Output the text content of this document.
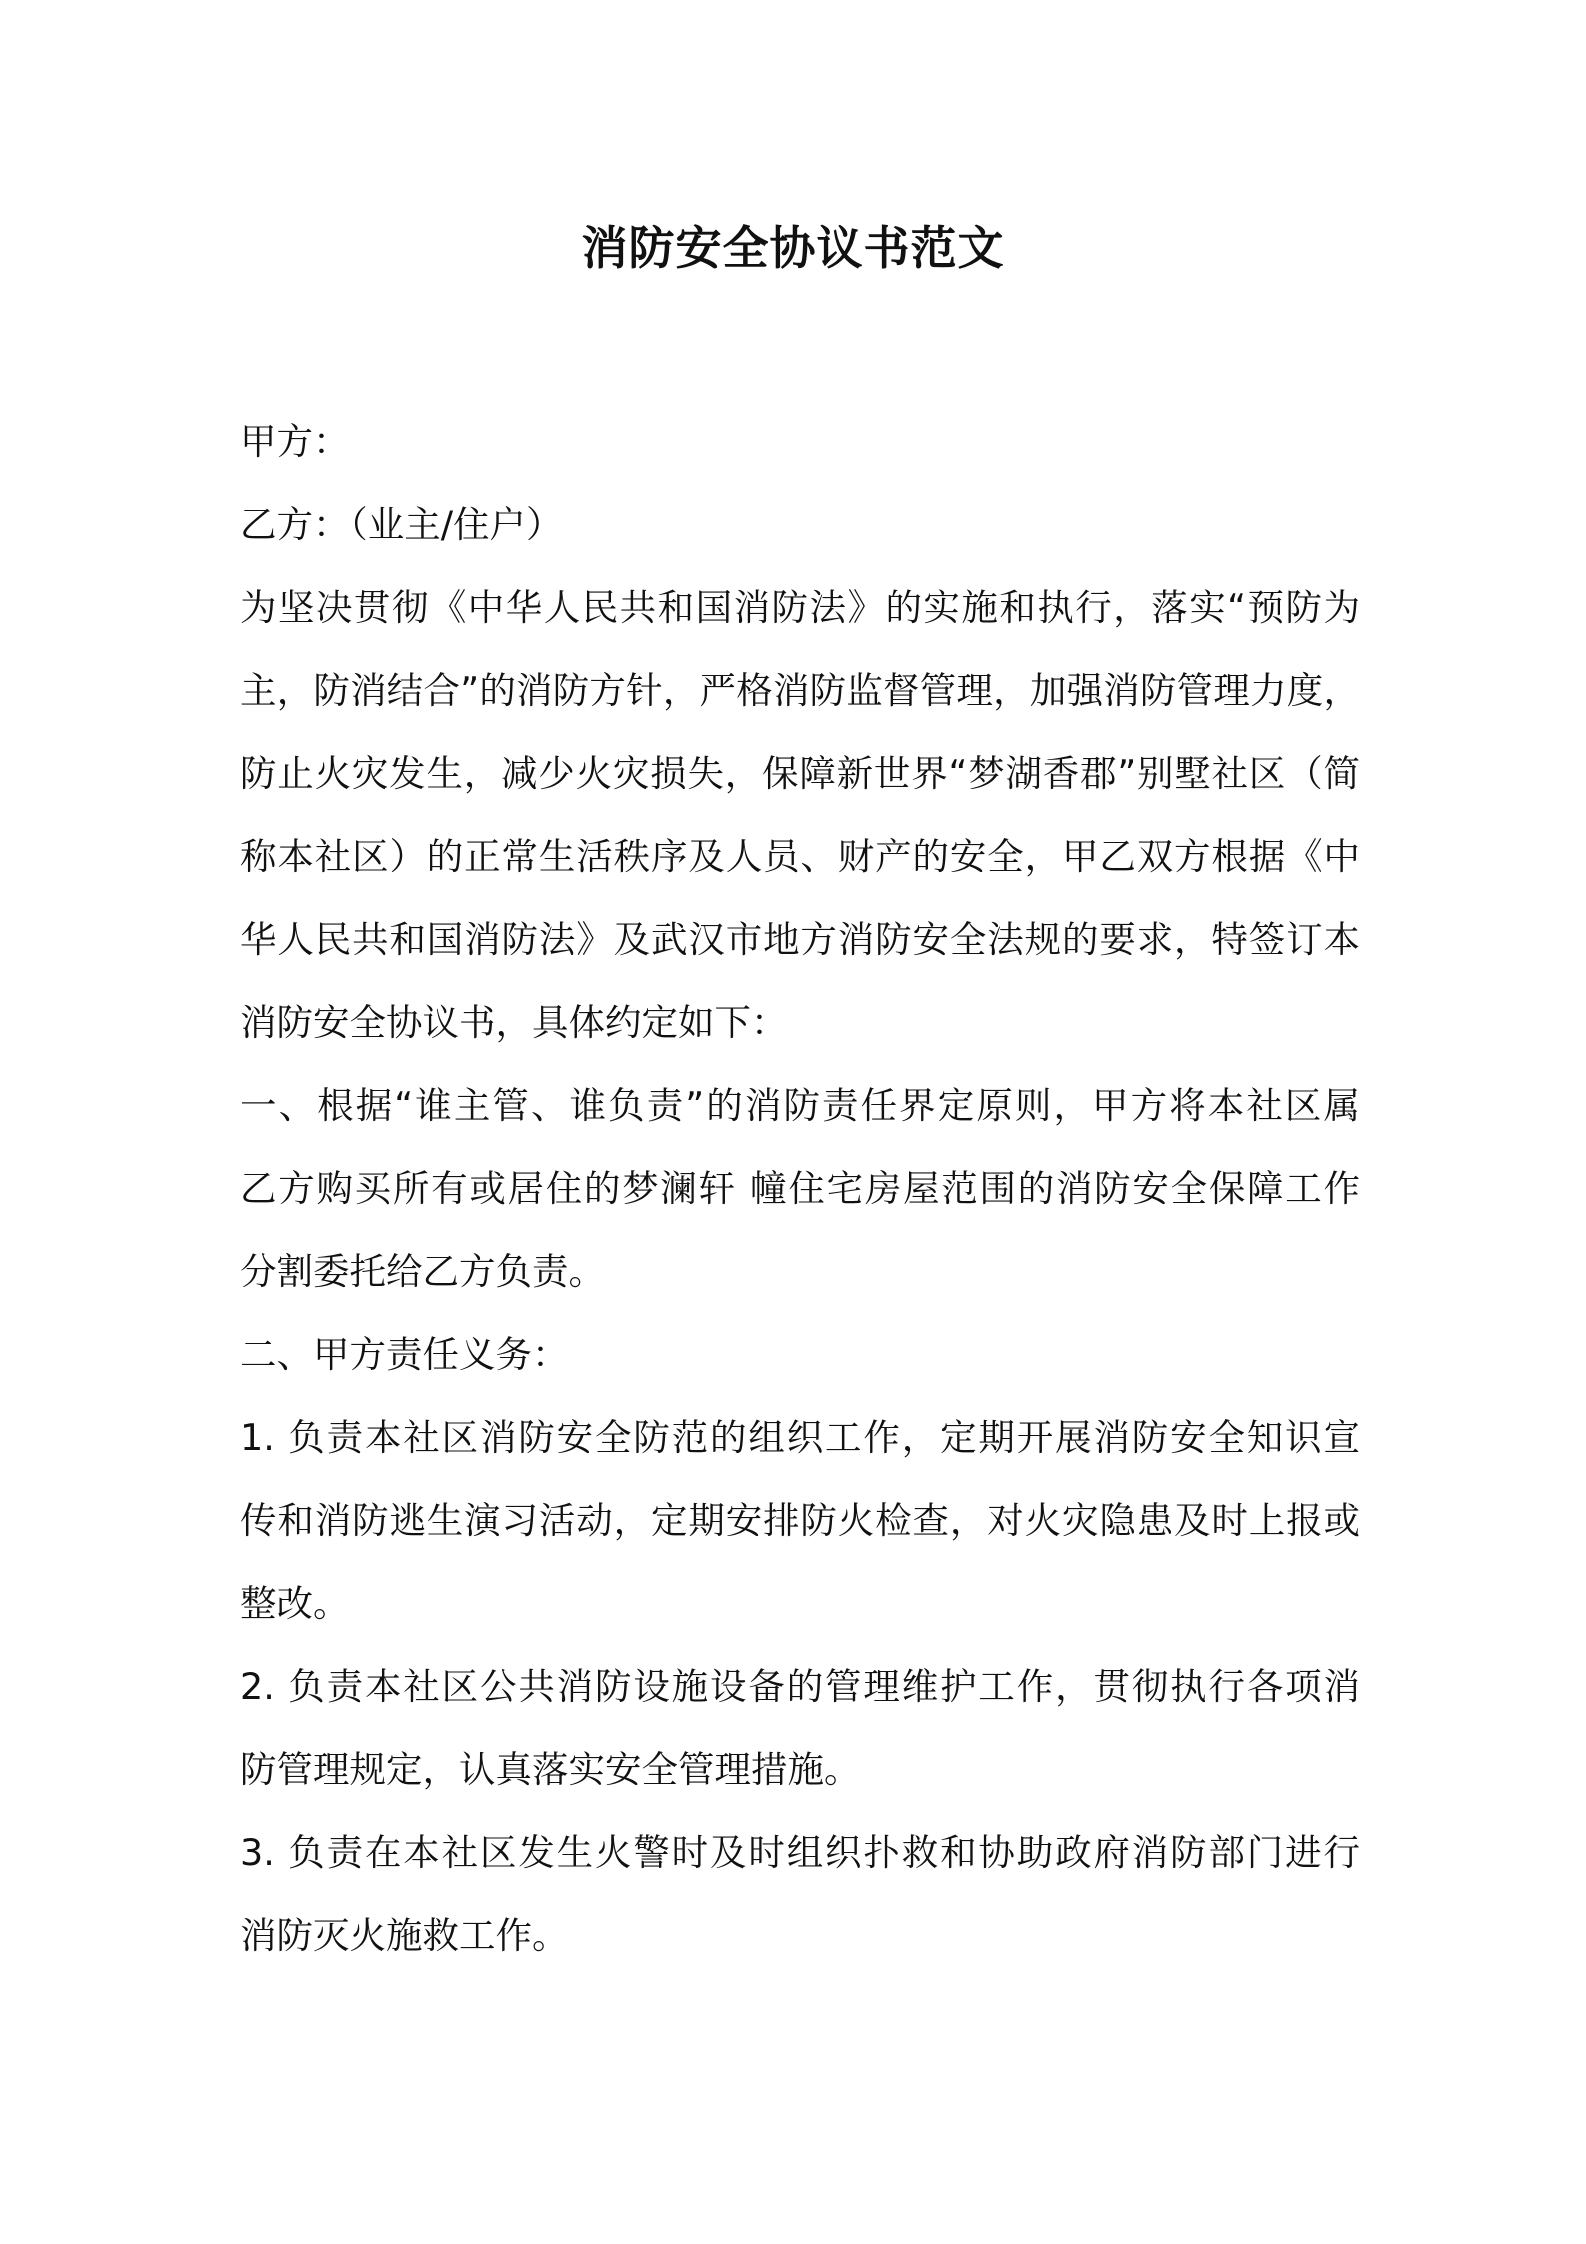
消防安全协议书范文
甲方：
乙方：（业主/住户）
为坚决贯彻《中华人民共和国消防法》的实施和执行，落实“预防为
主，防消结合”的消防方针，严格消防监督管理，加强消防管理力度，
防止火灾发生，减少火灾损失，保障新世界“梦湖香郡”别墅社区（简
称本社区）的正常生活秩序及人员、财产的安全，甲乙双方根据《中
华人民共和国消防法》及武汉市地方消防安全法规的要求，特签订本
消防安全协议书，具体约定如下：
一、根据“谁主管、谁负责”的消防责任界定原则，甲方将本社区属
乙方购买所有或居住的梦澜轩 幢住宅房屋范围的消防安全保障工作
分割委托给乙方负责。
二、甲方责任义务：
1. 负责本社区消防安全防范的组织工作，定期开展消防安全知识宣
传和消防逃生演习活动，定期安排防火检查，对火灾隐患及时上报或
整改。
2. 负责本社区公共消防设施设备的管理维护工作，贯彻执行各项消
防管理规定，认真落实安全管理措施。
3. 负责在本社区发生火警时及时组织扑救和协助政府消防部门进行
消防灭火施救工作。
